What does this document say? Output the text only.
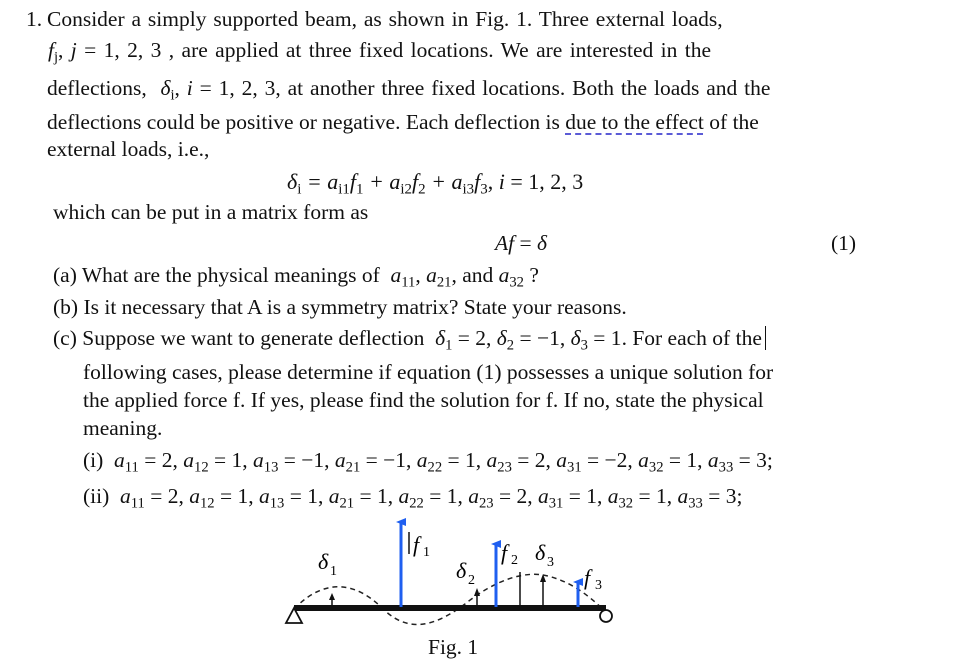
1. Consider a simply supported beam, as shown in Fig. 1. Three external loads,
$f_j$, j = 1, 2, 3 , are applied at three fixed locations. We are interested in the
deflections, $\delta_i$, i = 1, 2, 3, at another three fixed locations. Both the loads and the
deflections could be positive or negative. Each deflection is due to the effect of the
external loads, i.e.,
$\delta_i = a_{i1}f_1 + a_{i2}f_2 + a_{i3}f_3$, i = 1, 2, 3
which can be put in a matrix form as
Af = δ	(1)
(a) What are the physical meanings of $a_{11}$, $a_{21}$, and $a_{32}$ ?
(b) Is it necessary that A is a symmetry matrix? State your reasons.
(c) Suppose we want to generate deflection $\delta_1 = 2$, $\delta_2 = -1$, $\delta_3 = 1$. For each of the
following cases, please determine if equation (1) possesses a unique solution for
the applied force f. If yes, please find the solution for f. If no, state the physical
meaning.
(i) $a_{11} = 2$, $a_{12} = 1$, $a_{13} = -1$, $a_{21} = -1$, $a_{22} = 1$, $a_{23} = 2$, $a_{31} = -2$, $a_{32} = 1$, $a_{33} = 3$;
(ii) $a_{11} = 2$, $a_{12} = 1$, $a_{13} = 1$, $a_{21} = 1$, $a_{22} = 1$, $a_{23} = 2$, $a_{31} = 1$, $a_{32} = 1$, $a_{33} = 3$;
f 1	f 2
f 3
δ 1	δ 2
δ 3
Fig. 1
